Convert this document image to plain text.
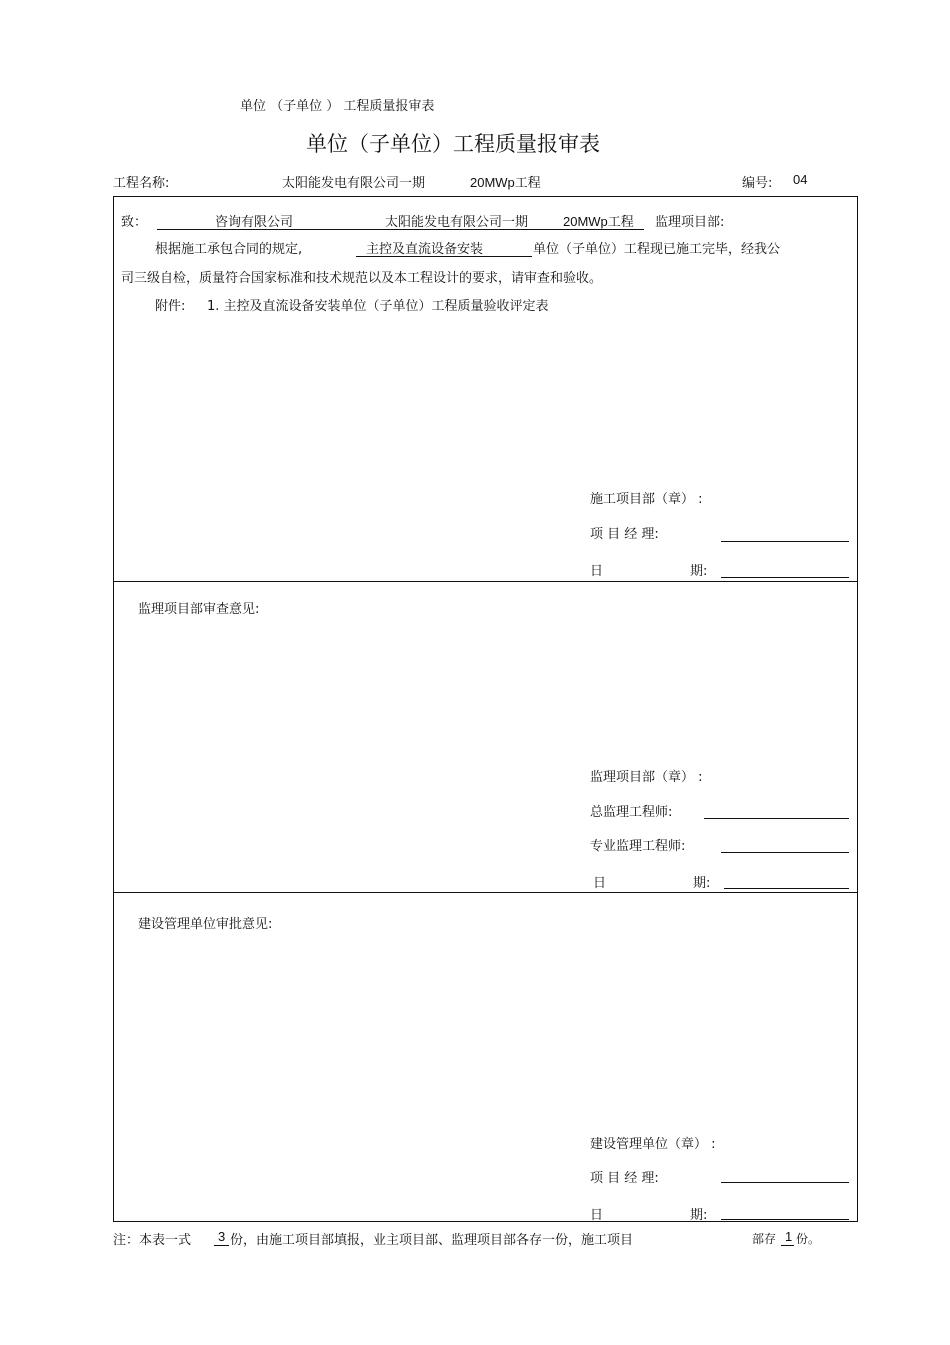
单位 （子单位 ） 工程质量报审表
单位（子单位）工程质量报审表
工程名称:	太阳能发电有限公司一期	20MWp工程	编号: 04
致：	咨询有限公司	太阳能发电有限公司一期	20MWp工程 监理项目部:
根据施工承包合同的规定,	主控及直流设备安装	单位（子单位）工程现已施工完毕，经我公
司三级自检，质量符合国家标准和技术规范以及本工程设计的要求，请审查和验收。
附件: 1. 主控及直流设备安装单位（子单位）工程质量验收评定表
施工项目部（章） :
项 目 经 理:
日	期:
监理项目部审查意见:
监理项目部（章） :
总监理工程师:
专业监理工程师:
日	期:
建设管理单位审批意见:
建设管理单位（章） :
项 目 经 理:
日	期:
注：本表一式 3 份，由施工项目部填报，业主项目部、监理项目部各存一份，施工项目	部存 1 份。
